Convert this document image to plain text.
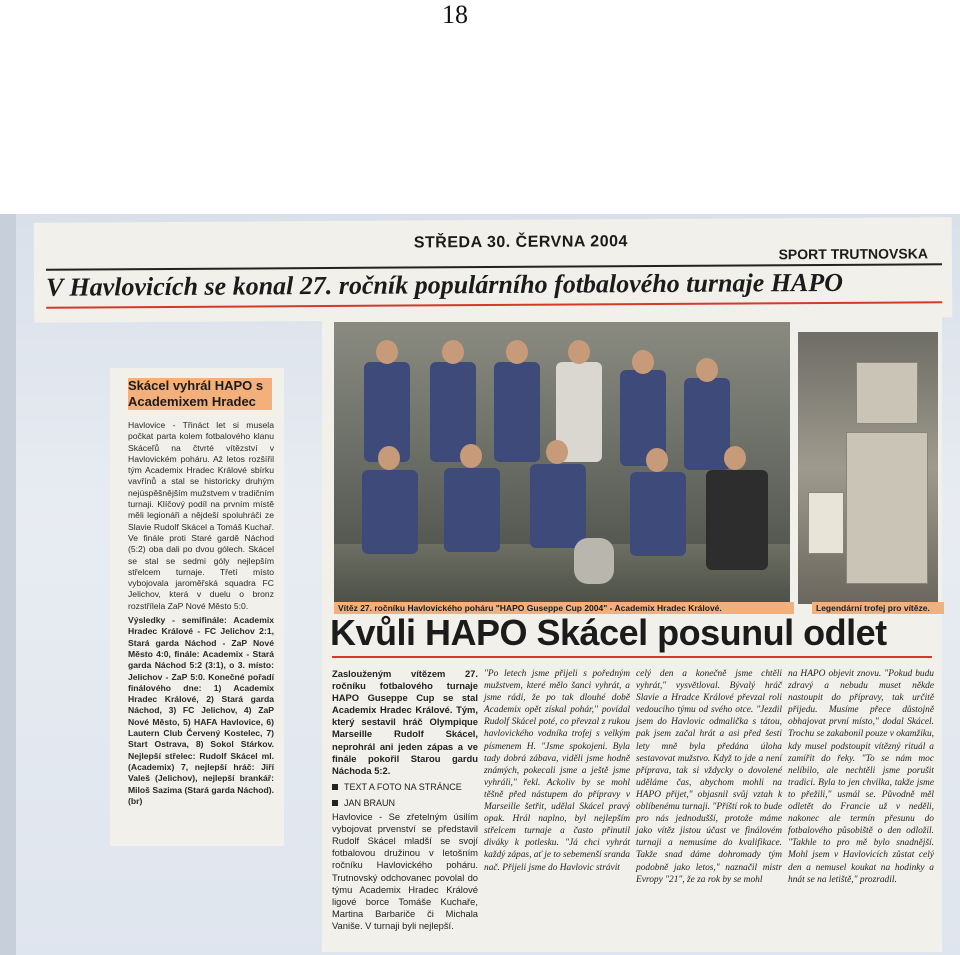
18
STŘEDA 30. ČERVNA 2004
SPORT TRUTNOVSKA
V Havlovicích se konal 27. ročník populárního fotbalového turnaje HAPO
Skácel vyhrál HAPO s Academixem Hradec

Havlovice - Třináct let si musela počkat parta kolem fotbalového klanu Skáceľů na čtvrté vítězství v Havlovickém poháru. Až letos rozšířil tým Academix Hradec Králové sbírku vavřínů a stal se historicky druhým nejúspěšnějším mužstvem v tradičním turnaji. Klíčový podíl na prvním místě měli legionáři a nějdeší spoluhráči ze Slavie Rudolf Skácel a Tomáš Kuchař. Ve finále proti Staré gardě Náchod (5:2) oba dali po dvou gólech. Skácel se stal se sedmi góly nejlepším střelcem turnaje. Třetí místo vybojovala jaroměřská squadra FC Jelichov, která v duelu o bronz rozstřílela ZaP Nové Město 5:0.

Výsledky - semifinále: Academix Hradec Králové - FC Jelichov 2:1, Stará garda Náchod - ZaP Nové Město 4:0, finále: Academix - Stará garda Náchod 5:2 (3:1), o 3. místo: Jelichov - ZaP 5:0. Konečné pořadí finálového dne: 1) Academix Hradec Králové, 2) Stará garda Náchod, 3) FC Jelichov, 4) ZaP Nové Město, 5) HAFA Havlovice, 6) Lautern Club Červený Kostelec, 7) Start Ostrava, 8) Sokol Stárkov. Nejlepší střelec: Rudolf Skácel ml. (Academix) 7, nejlepší hráč: Jiří Valeš (Jelichov), nejlepší brankář: Miloš Sazima (Stará garda Náchod). (br)

Vítěz 27. ročníku Havlovického poháru "HAPO Guseppe Cup 2004" - Academix Hradec Králové.	Legendární trofej pro vítěze.
Kvůli HAPO Skácel posunul odlet

Zaslouženým vítězem 27. ročníku fotbalového turnaje HAPO Guseppe Cup se stal Academix Hradec Králové. Tým, který sestavil hráč Olympique Marseille Rudolf Skácel, neprohrál ani jeden zápas a ve finále pokořil Starou gardu Náchoda 5:2.

TEXT A FOTO NA STRÁNCE
JAN BRAUN

Havlovice - Se zřetelným úsilím vybojovat prvenství se představil Rudolf Skácel mladší se svojí fotbalovou družinou v letošním ročníku Havlovického poháru. Trutnovský odchovanec povolal do týmu Academix Hradec Králové ligové borce Tomáše Kuchaře, Martina Barbariče či Michala Vaniše. V turnaji byli nejlepší.

"Po letech jsme přijeli s poředným mužstvem, které mělo šanci vyhrát, a jsme rádi, že po tak dlouhé době Academix opět získal pohár," povídal Rudolf Skácel poté, co převzal z rukou havlovického vodníka trofej s velkým písmenem H. "Jsme spokojeni. Byla tady dobrá zábava, viděli jsme hodně známých, pokecali jsme a ještě jsme vyhráli," řekl. Ackoliv by se mohl těšně před nástupem do přípravy v Marseille šetřit, udělal Skácel pravý opak. Hrál naplno, byl nejlepším střelcem turnaje a často přinutil diváky k potlesku. "Já chci vyhrát každý zápas, ať je to sebemenší sranda nač. Přijeli jsme do Havlovic strávit

celý den a konečně jsme chtěli vyhrát," vysvětloval. Bývalý hráč Slavie a Hradce Králové převzal roli vedoucího týmu od svého otce. "Jezdil jsem do Havlovic odmalička s tátou, pak jsem začal hrát a asi před šesti lety mně byla předána úloha sestavovat mužstvo. Když to jde a není příprava, tak si vždycky o dovolené uděláme čas, abychom mohli na HAPO přijet," objasnil svůj vztah k oblíbenému turnaji. "Příští rok to bude pro nás jednodušší, protože máme jako vítěz jistou účast ve finálovém turnaji a nemusíme do kvalifikace. Takže snad dáme dohromady tým podobně jako letos," naznačil mistr Evropy "21", že za rok by se mohl

na HAPO objevit znovu. "Pokud budu zdravý a nebudu muset někde nastoupit do přípravy, tak určitě přijedu. Musíme přece důstojně obhajovat první místo," dodal Skácel. Trochu se zakabonil pouze v okamžiku, kdy musel podstoupit vítězný rituál a zamířit do řeky. "To se nám moc nelíbilo, ale nechtěli jsme porušit tradici. Byla to jen chvilka, takže jsme to přežili," usmál se. Původně měl odletět do Francie už v neděli, nakonec ale termín přesunu do fotbalového působiště o den odložil. "Takhle to pro mě bylo snadnější. Mohl jsem v Havlovicích zůstat celý den a nemusel koukat na hodinky a hnát se na letiště," prozradil.
